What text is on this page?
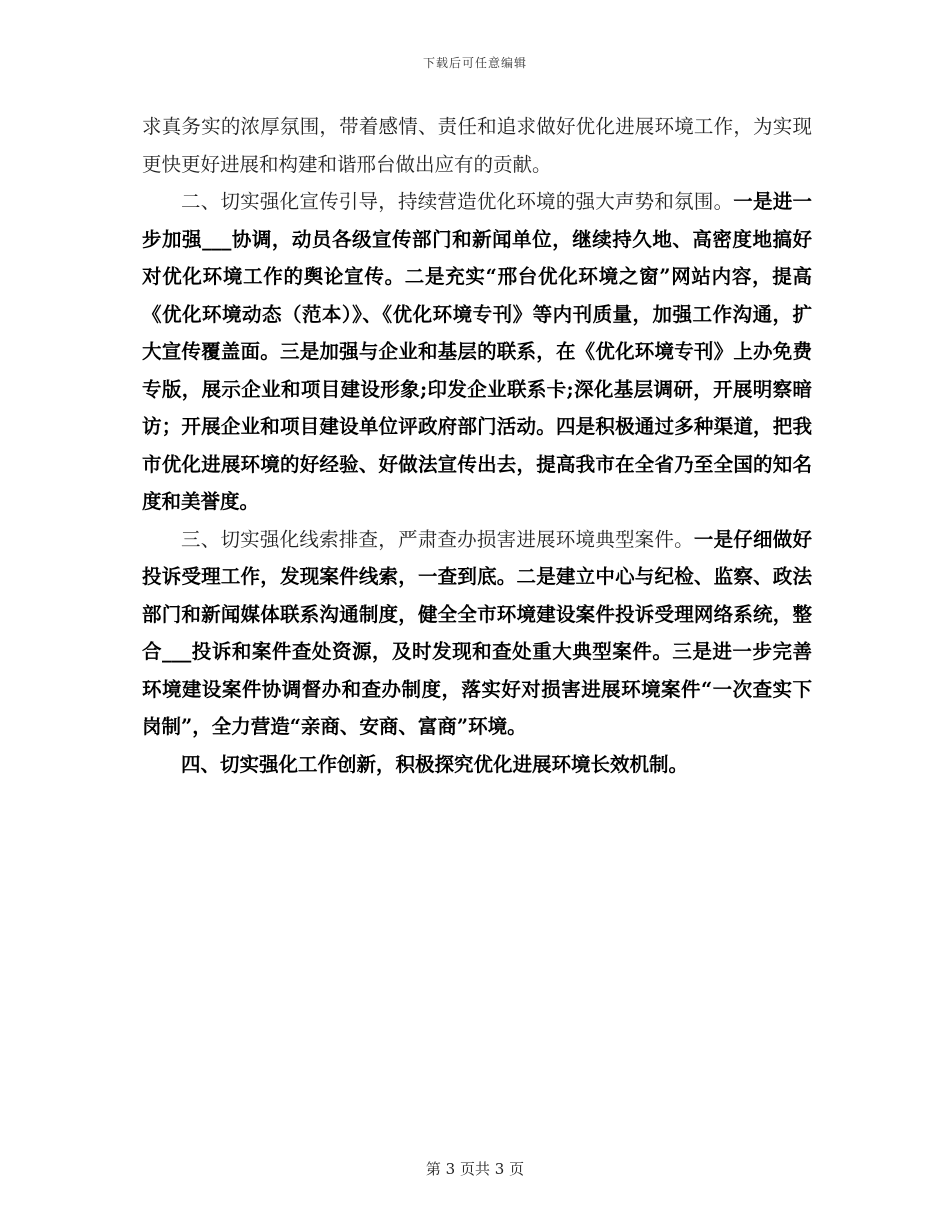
下载后可任意编辑

求真务实的浓厚氛围，带着感情、责任和追求做好优化进展环境工作，为实现更快更好进展和构建和谐邢台做出应有的贡献。

二、切实强化宣传引导，持续营造优化环境的强大声势和氛围。一是进一步加强___协调，动员各级宣传部门和新闻单位，继续持久地、高密度地搞好对优化环境工作的舆论宣传。二是充实“邢台优化环境之窗”网站内容，提高《优化环境动态（范本）》、《优化环境专刊》等内刊质量，加强工作沟通，扩大宣传覆盖面。三是加强与企业和基层的联系，在《优化环境专刊》上办免费专版，展示企业和项目建设形象;印发企业联系卡;深化基层调研，开展明察暗访；开展企业和项目建设单位评政府部门活动。四是积极通过多种渠道，把我市优化进展环境的好经验、好做法宣传出去，提高我市在全省乃至全国的知名度和美誉度。

三、切实强化线索排查，严肃查办损害进展环境典型案件。一是仔细做好投诉受理工作，发现案件线索，一查到底。二是建立中心与纪检、监察、政法部门和新闻媒体联系沟通制度，健全全市环境建设案件投诉受理网络系统，整合___投诉和案件查处资源，及时发现和查处重大典型案件。三是进一步完善环境建设案件协调督办和查办制度，落实好对损害进展环境案件“一次查实下岗制”，全力营造“亲商、安商、富商”环境。

四、切实强化工作创新，积极探究优化进展环境长效机制。

第 3 页共 3 页
